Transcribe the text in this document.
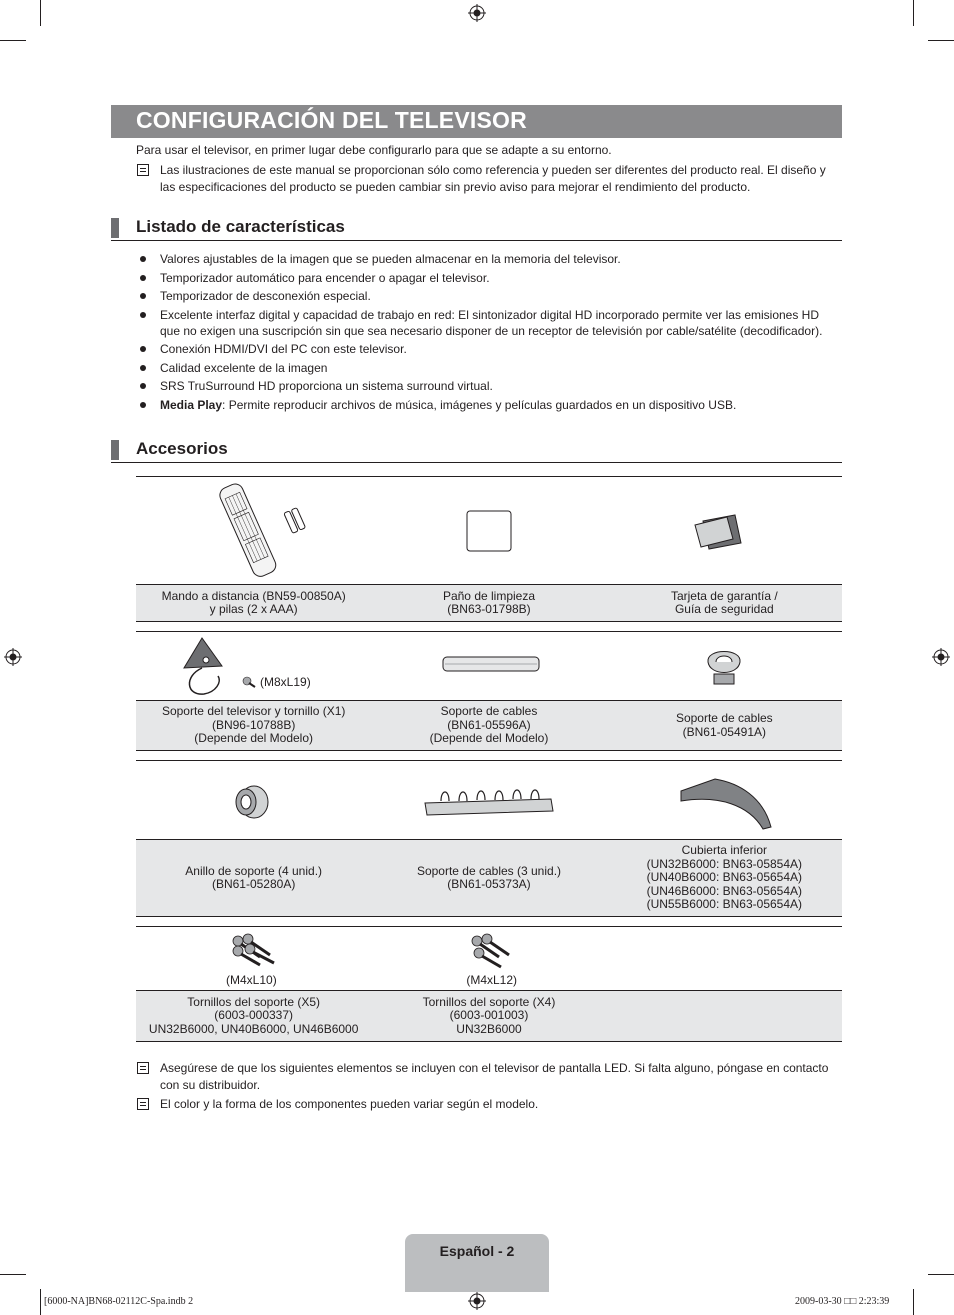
CONFIGURACIÓN DEL TELEVISOR
Para usar el televisor, en primer lugar debe configurarlo para que se adapte a su entorno.
Las ilustraciones de este manual se proporcionan sólo como referencia y pueden ser diferentes del producto real. El diseño y las especificaciones del producto se pueden cambiar sin previo aviso para mejorar el rendimiento del producto.
Listado de características
Valores ajustables de la imagen que se pueden almacenar en la memoria del televisor.
Temporizador automático para encender o apagar el televisor.
Temporizador de desconexión especial.
Excelente interfaz digital y capacidad de trabajo en red: El sintonizador digital HD incorporado permite ver las emisiones HD que no exigen una suscripción sin que sea necesario disponer de un receptor de televisión por cable/satélite (decodificador).
Conexión HDMI/DVI del PC con este televisor.
Calidad excelente de la imagen
SRS TruSurround HD proporciona un sistema surround virtual.
Media Play: Permite reproducir archivos de música, imágenes y películas guardados en un dispositivo USB.
Accesorios
Mando a distancia (BN59-00850A)
y pilas (2 x AAA)
Paño de limpieza
(BN63-01798B)
Tarjeta de garantía /
Guía de seguridad
(M8xL19)
Soporte del televisor y tornillo (X1)
(BN96-10788B)
(Depende del Modelo)
Soporte de cables
(BN61-05596A)
(Depende del Modelo)
Soporte de cables
(BN61-05491A)
Anillo de soporte (4 unid.)
(BN61-05280A)
Soporte de cables (3 unid.)
(BN61-05373A)
Cubierta inferior
(UN32B6000: BN63-05854A)
(UN40B6000: BN63-05654A)
(UN46B6000: BN63-05654A)
(UN55B6000: BN63-05654A)
(M4xL10)	(M4xL12)
Tornillos del soporte (X5)
(6003-000337)
UN32B6000, UN40B6000, UN46B6000
Tornillos del soporte (X4)
(6003-001003)
UN32B6000
Asegúrese de que los siguientes elementos se incluyen con el televisor de pantalla LED. Si falta alguno, póngase en contacto con su distribuidor.
El color y la forma de los componentes pueden variar según el modelo.
Español - 2
[6000-NA]BN68-02112C-Spa.indb 2	2009-03-30 □□ 2:23:39
